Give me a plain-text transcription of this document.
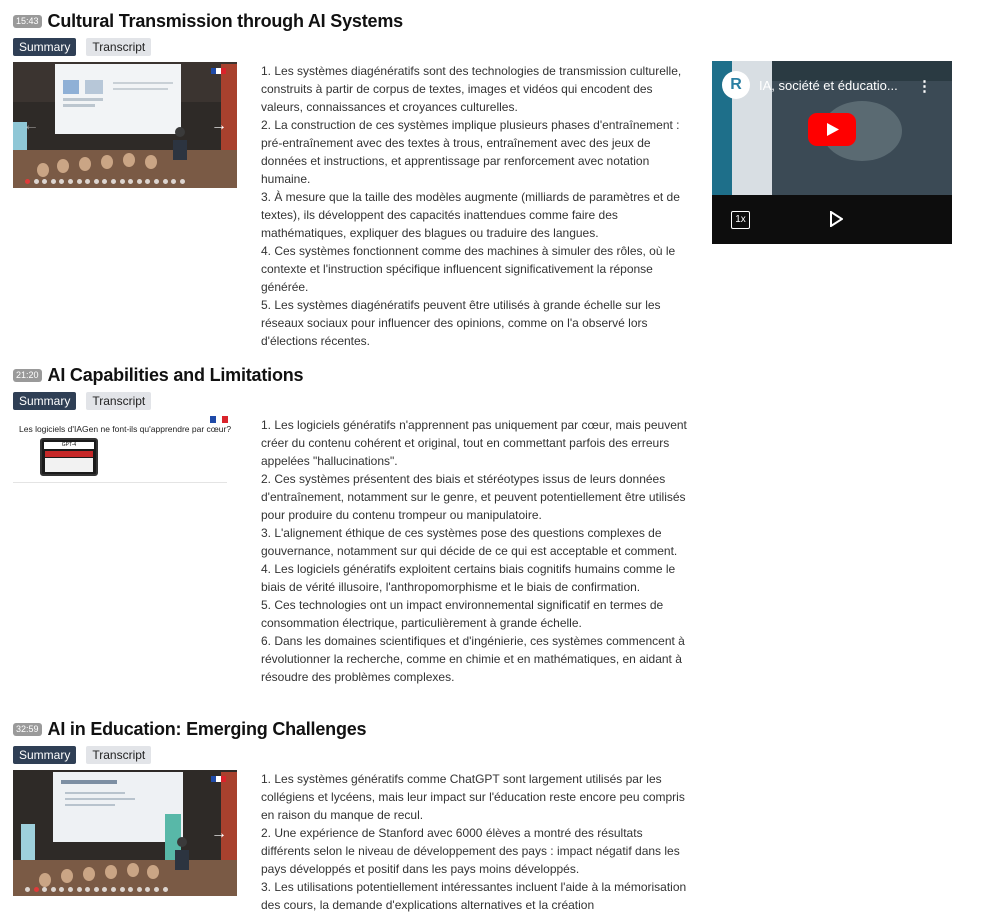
15:43 Cultural Transmission through AI Systems
Summary	Transcript
←	→

1. Les systèmes diagénératifs sont des technologies de transmission culturelle, construits à partir de corpus de textes, images et vidéos qui encodent des valeurs, connaissances et croyances culturelles.

2. La construction de ces systèmes implique plusieurs phases d'entraînement : pré-entraînement avec des textes à trous, entraînement avec des jeux de données et instructions, et apprentissage par renforcement avec notation humaine.

3. À mesure que la taille des modèles augmente (milliards de paramètres et de textes), ils développent des capacités inattendues comme faire des mathématiques, expliquer des blagues ou traduire des langues.

4. Ces systèmes fonctionnent comme des machines à simuler des rôles, où le contexte et l'instruction spécifique influencent significativement la réponse générée.

5. Les systèmes diagénératifs peuvent être utilisés à grande échelle sur les réseaux sociaux pour influencer des opinions, comme on l'a observé lors d'élections récentes.

R	IA, société et éducatio... ⋮
1x
21:20 AI Capabilities and Limitations
Summary	Transcript
Les logiciels d'IAGen ne font-ils qu'apprendre par cœur?
GPT-4

1. Les logiciels génératifs n'apprennent pas uniquement par cœur, mais peuvent créer du contenu cohérent et original, tout en commettant parfois des erreurs appelées "hallucinations".

2. Ces systèmes présentent des biais et stéréotypes issus de leurs données d'entraînement, notamment sur le genre, et peuvent potentiellement être utilisés pour produire du contenu trompeur ou manipulatoire.

3. L'alignement éthique de ces systèmes pose des questions complexes de gouvernance, notamment sur qui décide de ce qui est acceptable et comment.

4. Les logiciels génératifs exploitent certains biais cognitifs humains comme le biais de vérité illusoire, l'anthropomorphisme et le biais de confirmation.

5. Ces technologies ont un impact environnemental significatif en termes de consommation électrique, particulièrement à grande échelle.

6. Dans les domaines scientifiques et d'ingénierie, ces systèmes commencent à révolutionner la recherche, comme en chimie et en mathématiques, en aidant à résoudre des problèmes complexes.

32:59 AI in Education: Emerging Challenges
Summary	Transcript
→

1. Les systèmes génératifs comme ChatGPT sont largement utilisés par les collégiens et lycéens, mais leur impact sur l'éducation reste encore peu compris en raison du manque de recul.

2. Une expérience de Stanford avec 6000 élèves a montré des résultats différents selon le niveau de développement des pays : impact négatif dans les pays développés et positif dans les pays moins développés.

3. Les utilisations potentiellement intéressantes incluent l'aide à la mémorisation des cours, la demande d'explications alternatives et la création
